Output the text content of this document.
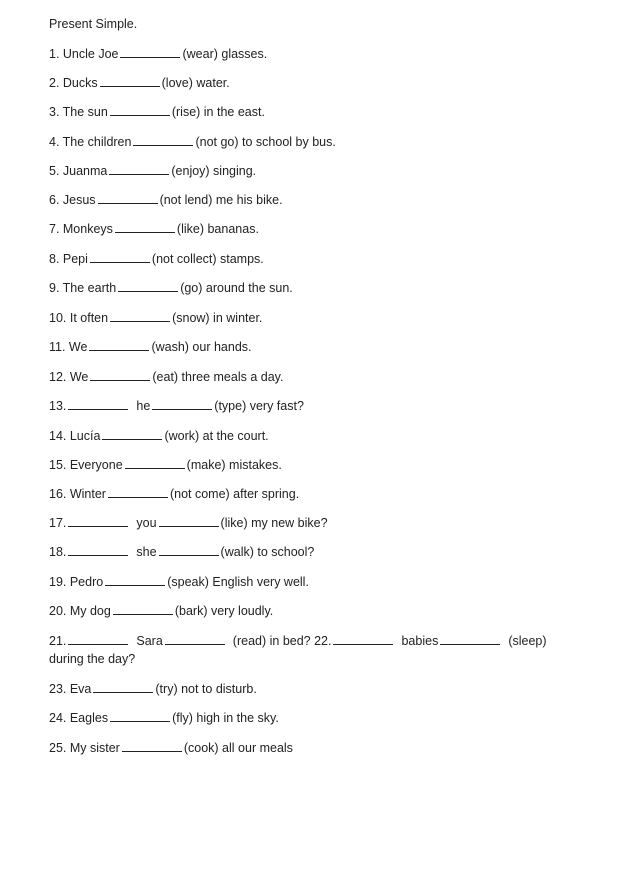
Present Simple.
1. Uncle Joe	(wear) glasses.
2. Ducks	(love) water.
3. The sun	(rise) in the east.
4. The children	(not go) to school by bus.
5. Juanma	(enjoy) singing.
6. Jesus	(not lend) me his bike.
7. Monkeys	(like) bananas.
8. Pepi	(not collect) stamps.
9. The earth	(go) around the sun.
10. It often	(snow) in winter.
11. We	(wash) our hands.
12. We	(eat) three meals a day.
13.	he	(type) very fast?
14. Lucía	(work) at the court.
15. Everyone	(make) mistakes.
16. Winter	(not come) after spring.
17.	you	(like) my new bike?
18.	she	(walk) to school?
19. Pedro	(speak) English very well.
20. My dog	(bark) very loudly.
21.	Sara	(read) in bed? 22.	babies	(sleep)
during the day?
23. Eva	(try) not to disturb.
24. Eagles	(fly) high in the sky.
25. My sister	(cook) all our meals
